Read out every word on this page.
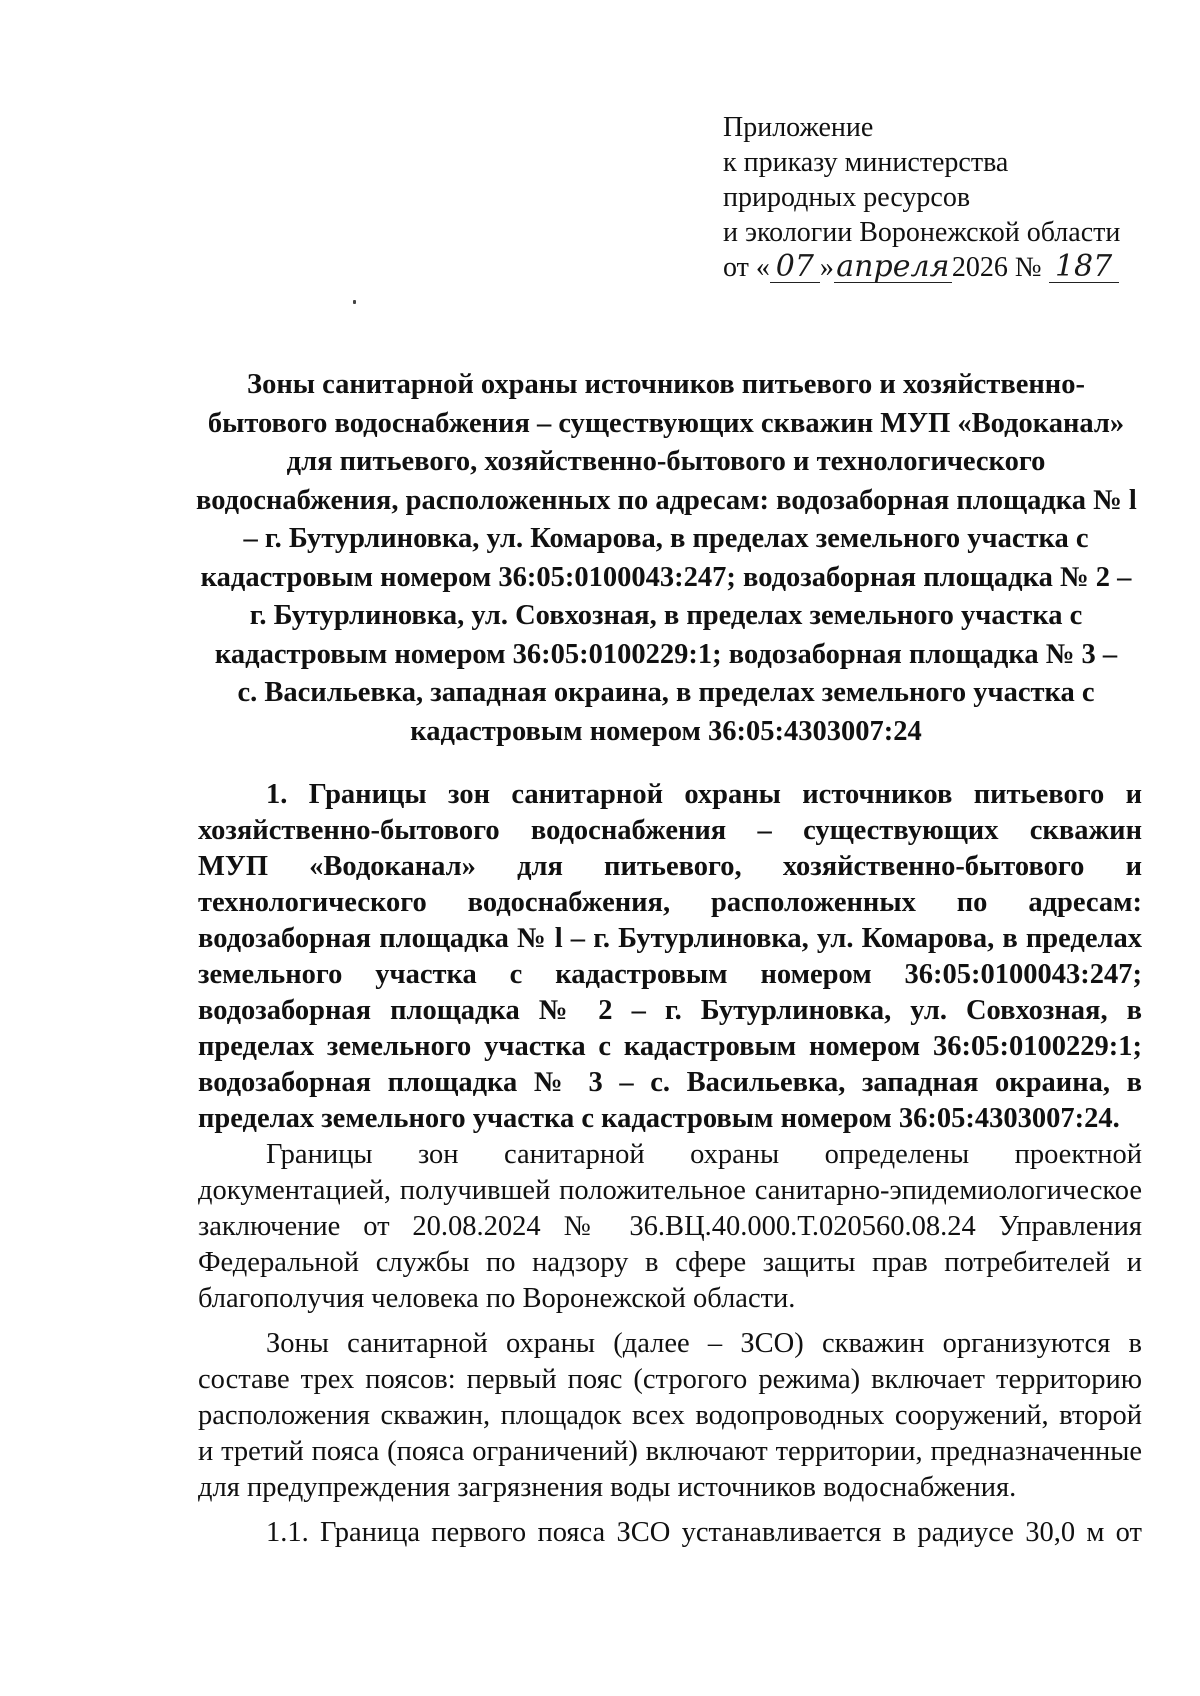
Приложение
к приказу министерства
природных ресурсов
и экологии Воронежской области
от « 07 »апреля2026 № 187
Зоны санитарной охраны источников питьевого и хозяйственно-
бытового водоснабжения – существующих скважин МУП «Водоканал»
для питьевого, хозяйственно-бытового и технологического
водоснабжения, расположенных по адресам: водозаборная площадка № l
– г. Бутурлиновка, ул. Комарова, в пределах земельного участка с
кадастровым номером 36:05:0100043:247; водозаборная площадка № 2 –
г. Бутурлиновка, ул. Совхозная, в пределах земельного участка с
кадастровым номером 36:05:0100229:1; водозаборная площадка № 3 –
с. Васильевка, западная окраина, в пределах земельного участка с
кадастровым номером 36:05:4303007:24
1. Границы зон санитарной охраны источников питьевого и
хозяйственно-бытового водоснабжения – существующих скважин
МУП «Водоканал» для питьевого, хозяйственно-бытового и
технологического водоснабжения, расположенных по адресам:
водозаборная площадка № l – г. Бутурлиновка, ул. Комарова, в пределах
земельного участка с кадастровым номером 36:05:0100043:247;
водозаборная площадка № 2 – г. Бутурлиновка, ул. Совхозная, в
пределах земельного участка с кадастровым номером 36:05:0100229:1;
водозаборная площадка № 3 – с. Васильевка, западная окраина, в
пределах земельного участка с кадастровым номером 36:05:4303007:24.
Границы зон санитарной охраны определены проектной
документацией, получившей положительное санитарно-эпидемиологическое
заключение от 20.08.2024 № 36.ВЦ.40.000.Т.020560.08.24 Управления
Федеральной службы по надзору в сфере защиты прав потребителей и
благополучия человека по Воронежской области.
Зоны санитарной охраны (далее – ЗСО) скважин организуются в
составе трех поясов: первый пояс (строгого режима) включает территорию
расположения скважин, площадок всех водопроводных сооружений, второй
и третий пояса (пояса ограничений) включают территории, предназначенные
для предупреждения загрязнения воды источников водоснабжения.
1.1. Граница первого пояса ЗСО устанавливается в радиусе 30,0 м от
